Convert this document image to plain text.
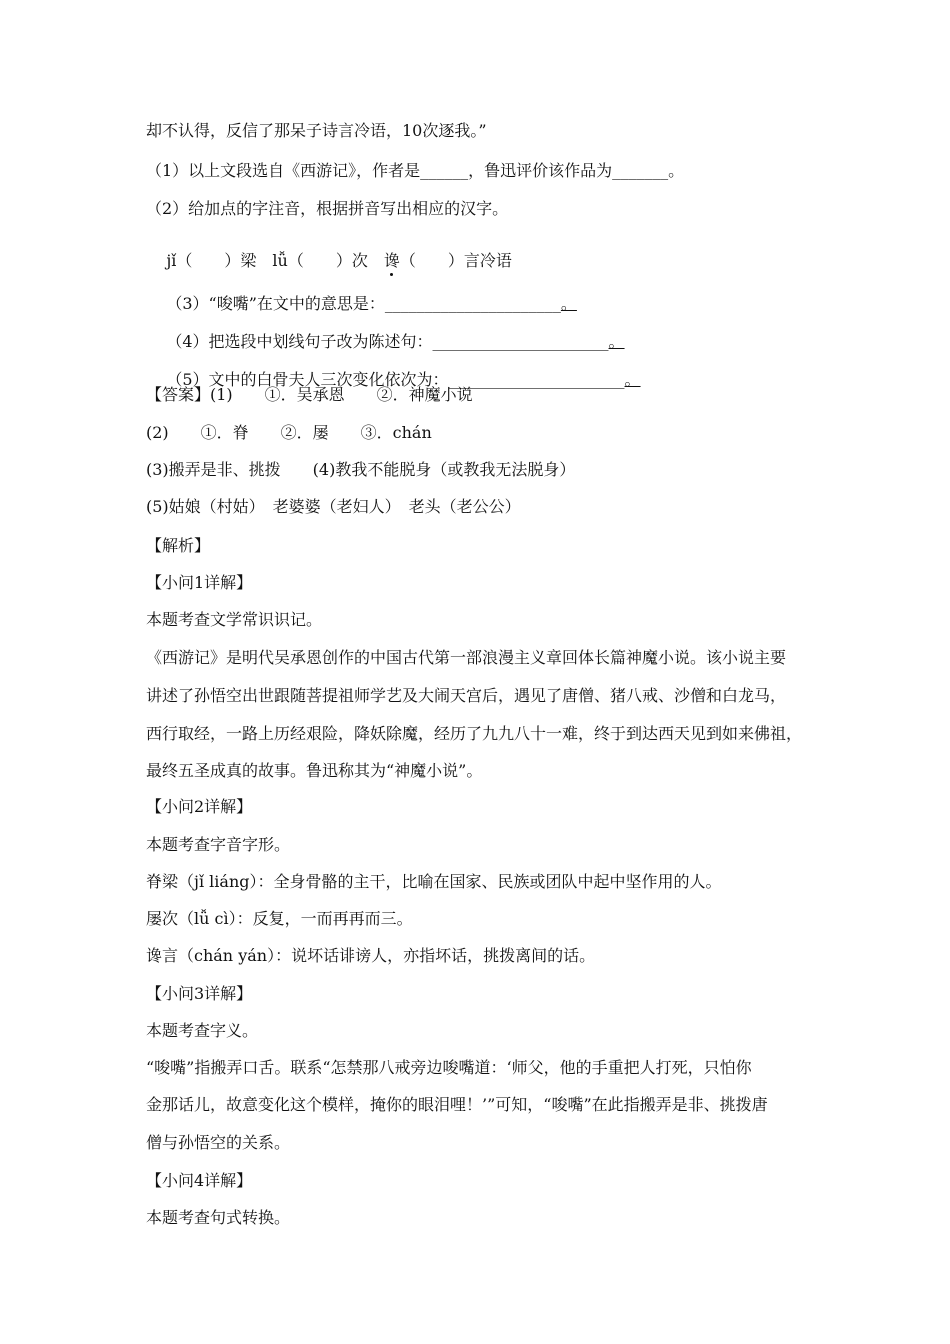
却不认得，反信了那呆子诗言冷语，10次逐我。”
（1）以上文段选自《西游记》，作者是______，鲁迅评价该作品为_______。
（2）给加点的字注音，根据拼音写出相应的汉字。

jǐ（　　）梁　lǚ（　　）次　谗（　　）言冷语

（3）“唆嘴”在文中的意思是：______________________。

（4）把选段中划线句子改为陈述句：______________________。

（5）文中的白骨夫人三次变化依次为：______________________。

【答案】(1)　　①．吴承恩　　②．神魔小说
(2)　　①．脊　　②．屡　　③．chán
(3)搬弄是非、挑拨　　(4)教我不能脱身（或教我无法脱身）
(5)姑娘（村姑）　老婆婆（老妇人）　老头（老公公）
【解析】
【小问1详解】
本题考查文学常识识记。
《西游记》是明代吴承恩创作的中国古代第一部浪漫主义章回体长篇神魔小说。该小说主要
讲述了孙悟空出世跟随菩提祖师学艺及大闹天宫后，遇见了唐僧、猪八戒、沙僧和白龙马，
西行取经，一路上历经艰险，降妖除魔，经历了九九八十一难，终于到达西天见到如来佛祖，
最终五圣成真的故事。鲁迅称其为“神魔小说”。
【小问2详解】
本题考查字音字形。
脊梁（jǐ liáng）：全身骨骼的主干，比喻在国家、民族或团队中起中坚作用的人。
屡次（lǚ cì）：反复，一而再再而三。
谗言（chán yán）：说坏话诽谤人，亦指坏话，挑拨离间的话。
【小问3详解】
本题考查字义。
“唆嘴”指搬弄口舌。联系“怎禁那八戒旁边唆嘴道：‘师父，他的手重把人打死，只怕你
金那话儿，故意变化这个模样，掩你的眼泪哩！’”可知，“唆嘴”在此指搬弄是非、挑拨唐
僧与孙悟空的关系。
【小问4详解】
本题考查句式转换。
